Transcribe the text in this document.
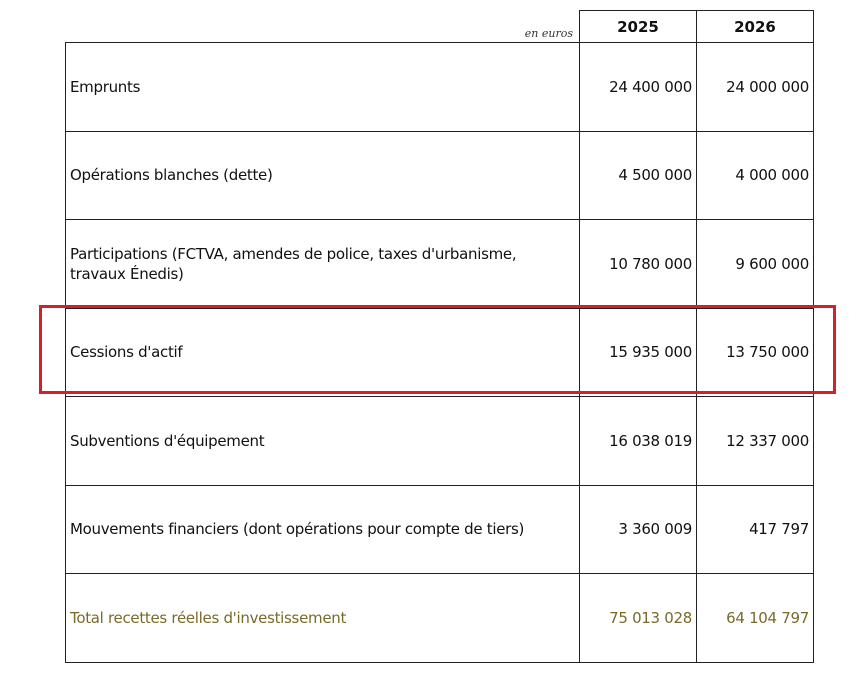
en euros	2025	2026
Emprunts	24 400 000	24 000 000
Opérations blanches (dette)	4 500 000	4 000 000
Participations (FCTVA, amendes de police, taxes d'urbanisme, travaux Énedis)	10 780 000	9 600 000
Cessions d'actif	15 935 000	13 750 000
Subventions d'équipement	16 038 019	12 337 000
Mouvements financiers (dont opérations pour compte de tiers)	3 360 009	417 797
Total recettes réelles d'investissement	75 013 028	64 104 797
